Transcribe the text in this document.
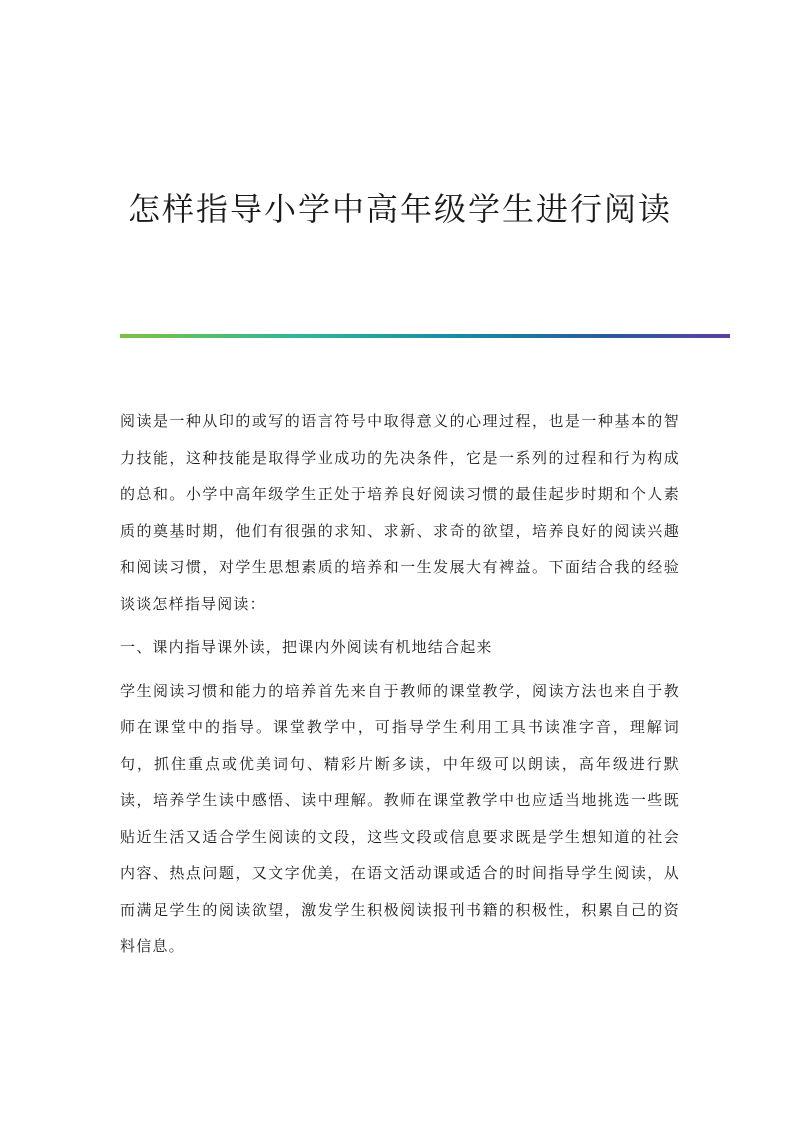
怎样指导小学中高年级学生进行阅读

阅读是一种从印的或写的语言符号中取得意义的心理过程，也是一种基本的智力技能，这种技能是取得学业成功的先决条件，它是一系列的过程和行为构成的总和。小学中高年级学生正处于培养良好阅读习惯的最佳起步时期和个人素质的奠基时期，他们有很强的求知、求新、求奇的欲望，培养良好的阅读兴趣和阅读习惯，对学生思想素质的培养和一生发展大有裨益。下面结合我的经验谈谈怎样指导阅读：

一、课内指导课外读，把课内外阅读有机地结合起来

学生阅读习惯和能力的培养首先来自于教师的课堂教学，阅读方法也来自于教师在课堂中的指导。课堂教学中，可指导学生利用工具书读准字音，理解词句，抓住重点或优美词句、精彩片断多读，中年级可以朗读，高年级进行默读，培养学生读中感悟、读中理解。教师在课堂教学中也应适当地挑选一些既贴近生活又适合学生阅读的文段，这些文段或信息要求既是学生想知道的社会内容、热点问题，又文字优美，在语文活动课或适合的时间指导学生阅读，从而满足学生的阅读欲望，激发学生积极阅读报刊书籍的积极性，积累自己的资料信息。
